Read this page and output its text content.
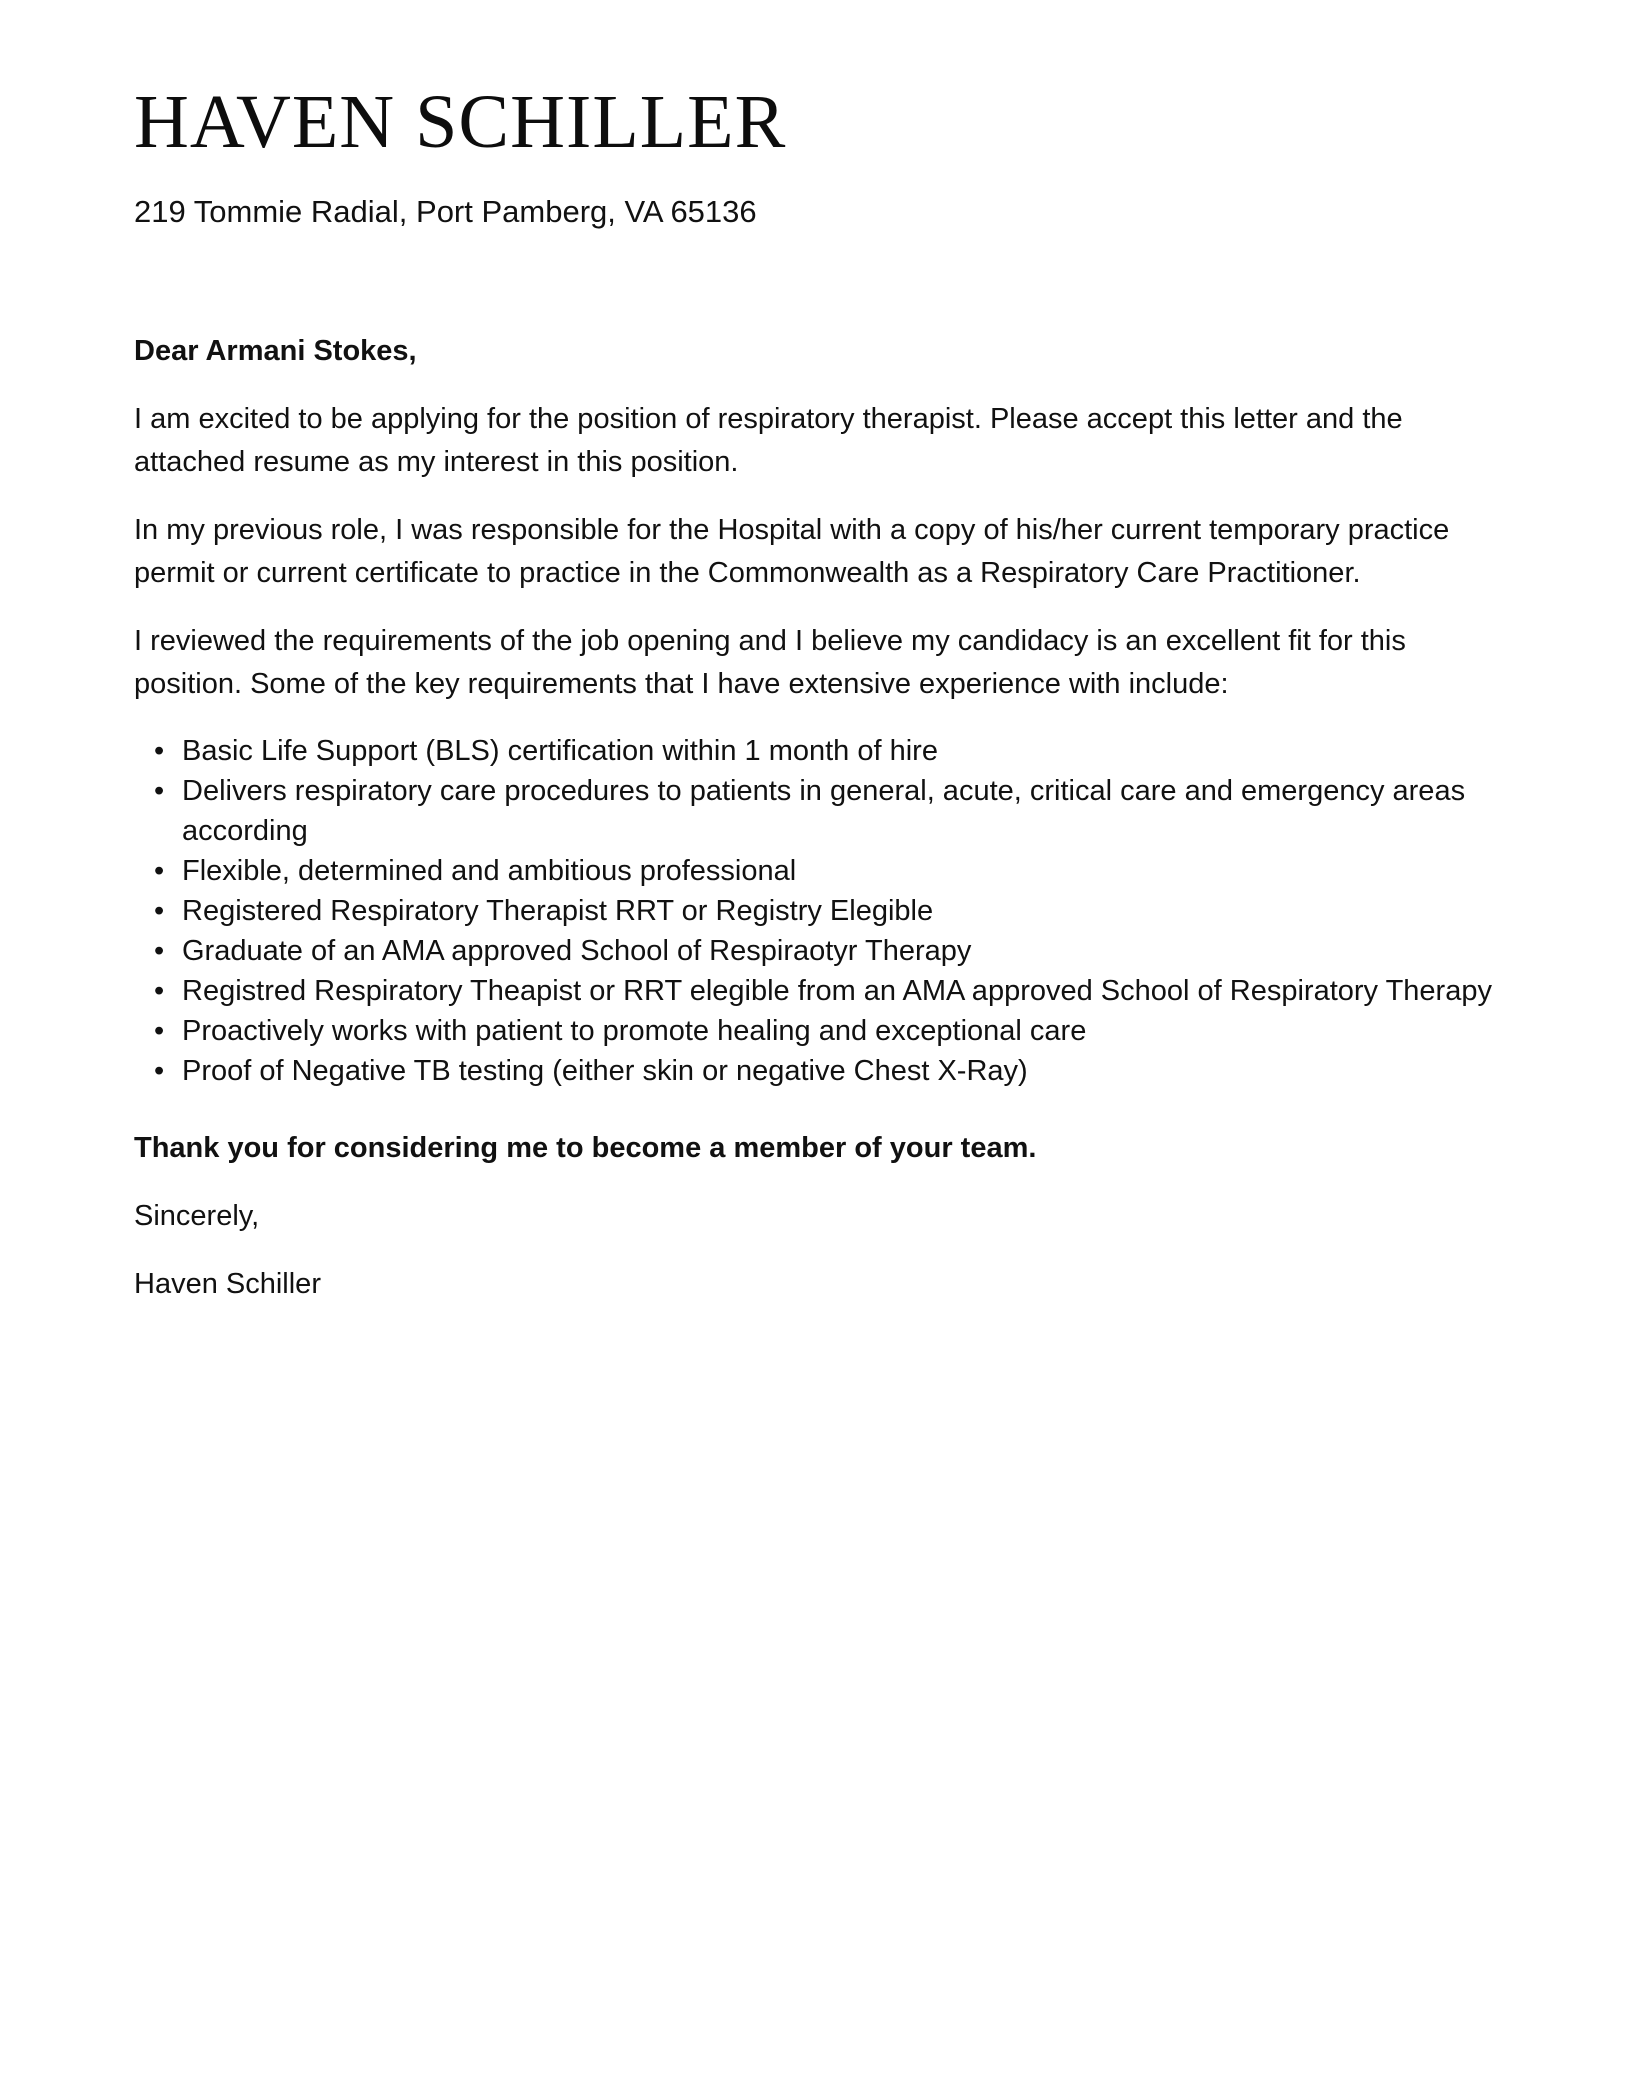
HAVEN SCHILLER
219 Tommie Radial, Port Pamberg, VA 65136

Dear Armani Stokes,

I am excited to be applying for the position of respiratory therapist. Please accept this letter and the attached resume as my interest in this position.

In my previous role, I was responsible for the Hospital with a copy of his/her current temporary practice permit or current certificate to practice in the Commonwealth as a Respiratory Care Practitioner.

I reviewed the requirements of the job opening and I believe my candidacy is an excellent fit for this position. Some of the key requirements that I have extensive experience with include:

• Basic Life Support (BLS) certification within 1 month of hire
• Delivers respiratory care procedures to patients in general, acute, critical care and emergency areas according
• Flexible, determined and ambitious professional
• Registered Respiratory Therapist RRT or Registry Elegible
• Graduate of an AMA approved School of Respiraotyr Therapy
• Registred Respiratory Theapist or RRT elegible from an AMA approved School of Respiratory Therapy
• Proactively works with patient to promote healing and exceptional care
• Proof of Negative TB testing (either skin or negative Chest X-Ray)

Thank you for considering me to become a member of your team.

Sincerely,

Haven Schiller
